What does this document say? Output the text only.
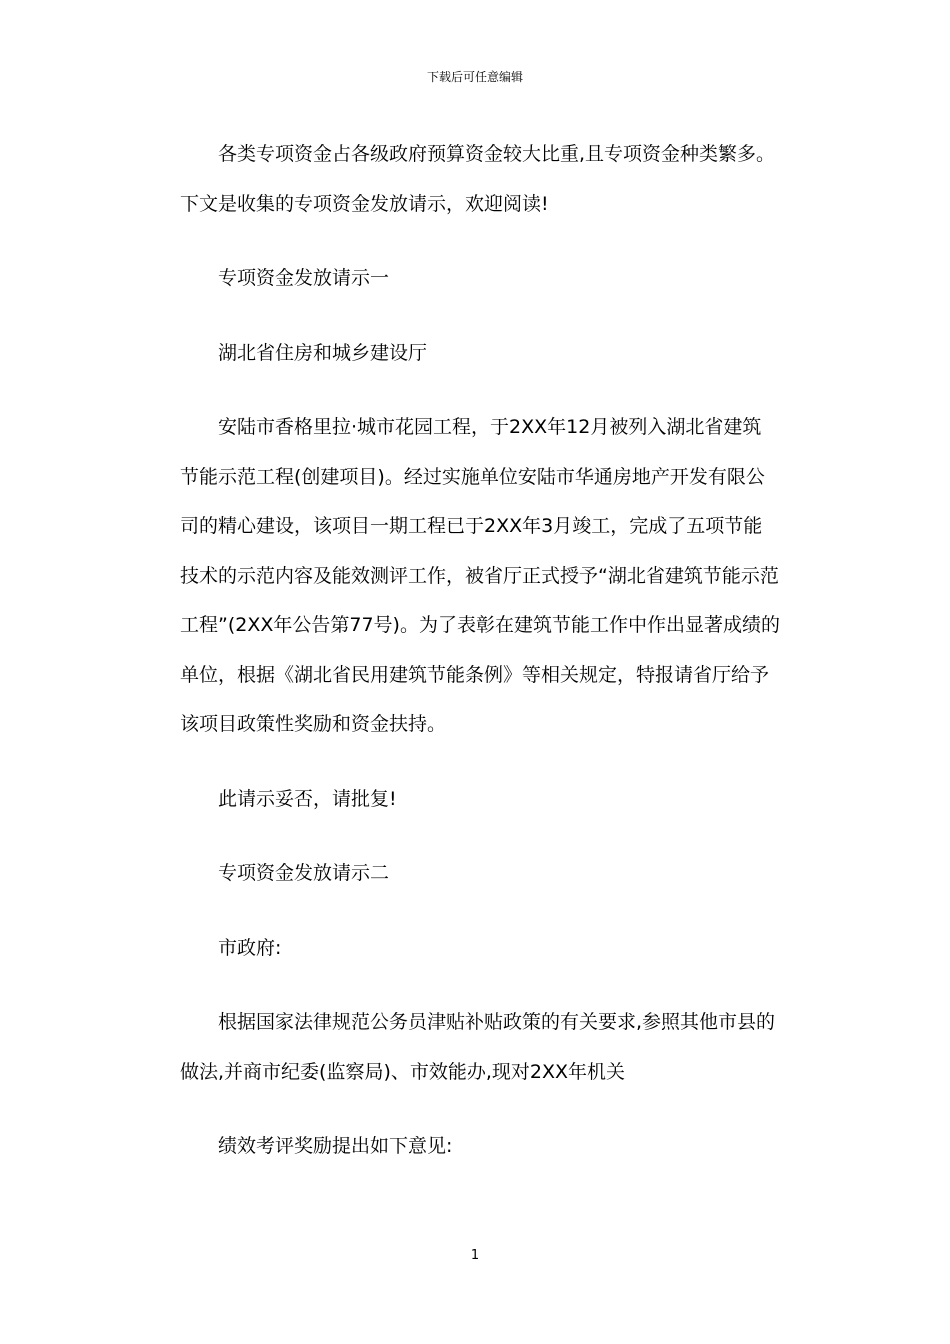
下载后可任意编辑

各类专项资金占各级政府预算资金较大比重,且专项资金种类繁多。下文是收集的专项资金发放请示，欢迎阅读!

专项资金发放请示一

湖北省住房和城乡建设厅

安陆市香格里拉·城市花园工程，于2XX年12月被列入湖北省建筑节能示范工程(创建项目)。经过实施单位安陆市华通房地产开发有限公司的精心建设，该项目一期工程已于2XX年3月竣工，完成了五项节能技术的示范内容及能效测评工作，被省厅正式授予“湖北省建筑节能示范工程”(2XX年公告第77号)。为了表彰在建筑节能工作中作出显著成绩的单位，根据《湖北省民用建筑节能条例》等相关规定，特报请省厅给予该项目政策性奖励和资金扶持。

此请示妥否，请批复!

专项资金发放请示二

市政府:

根据国家法律规范公务员津贴补贴政策的有关要求,参照其他市县的做法,并商市纪委(监察局)、市效能办,现对2XX年机关

绩效考评奖励提出如下意见:

1
